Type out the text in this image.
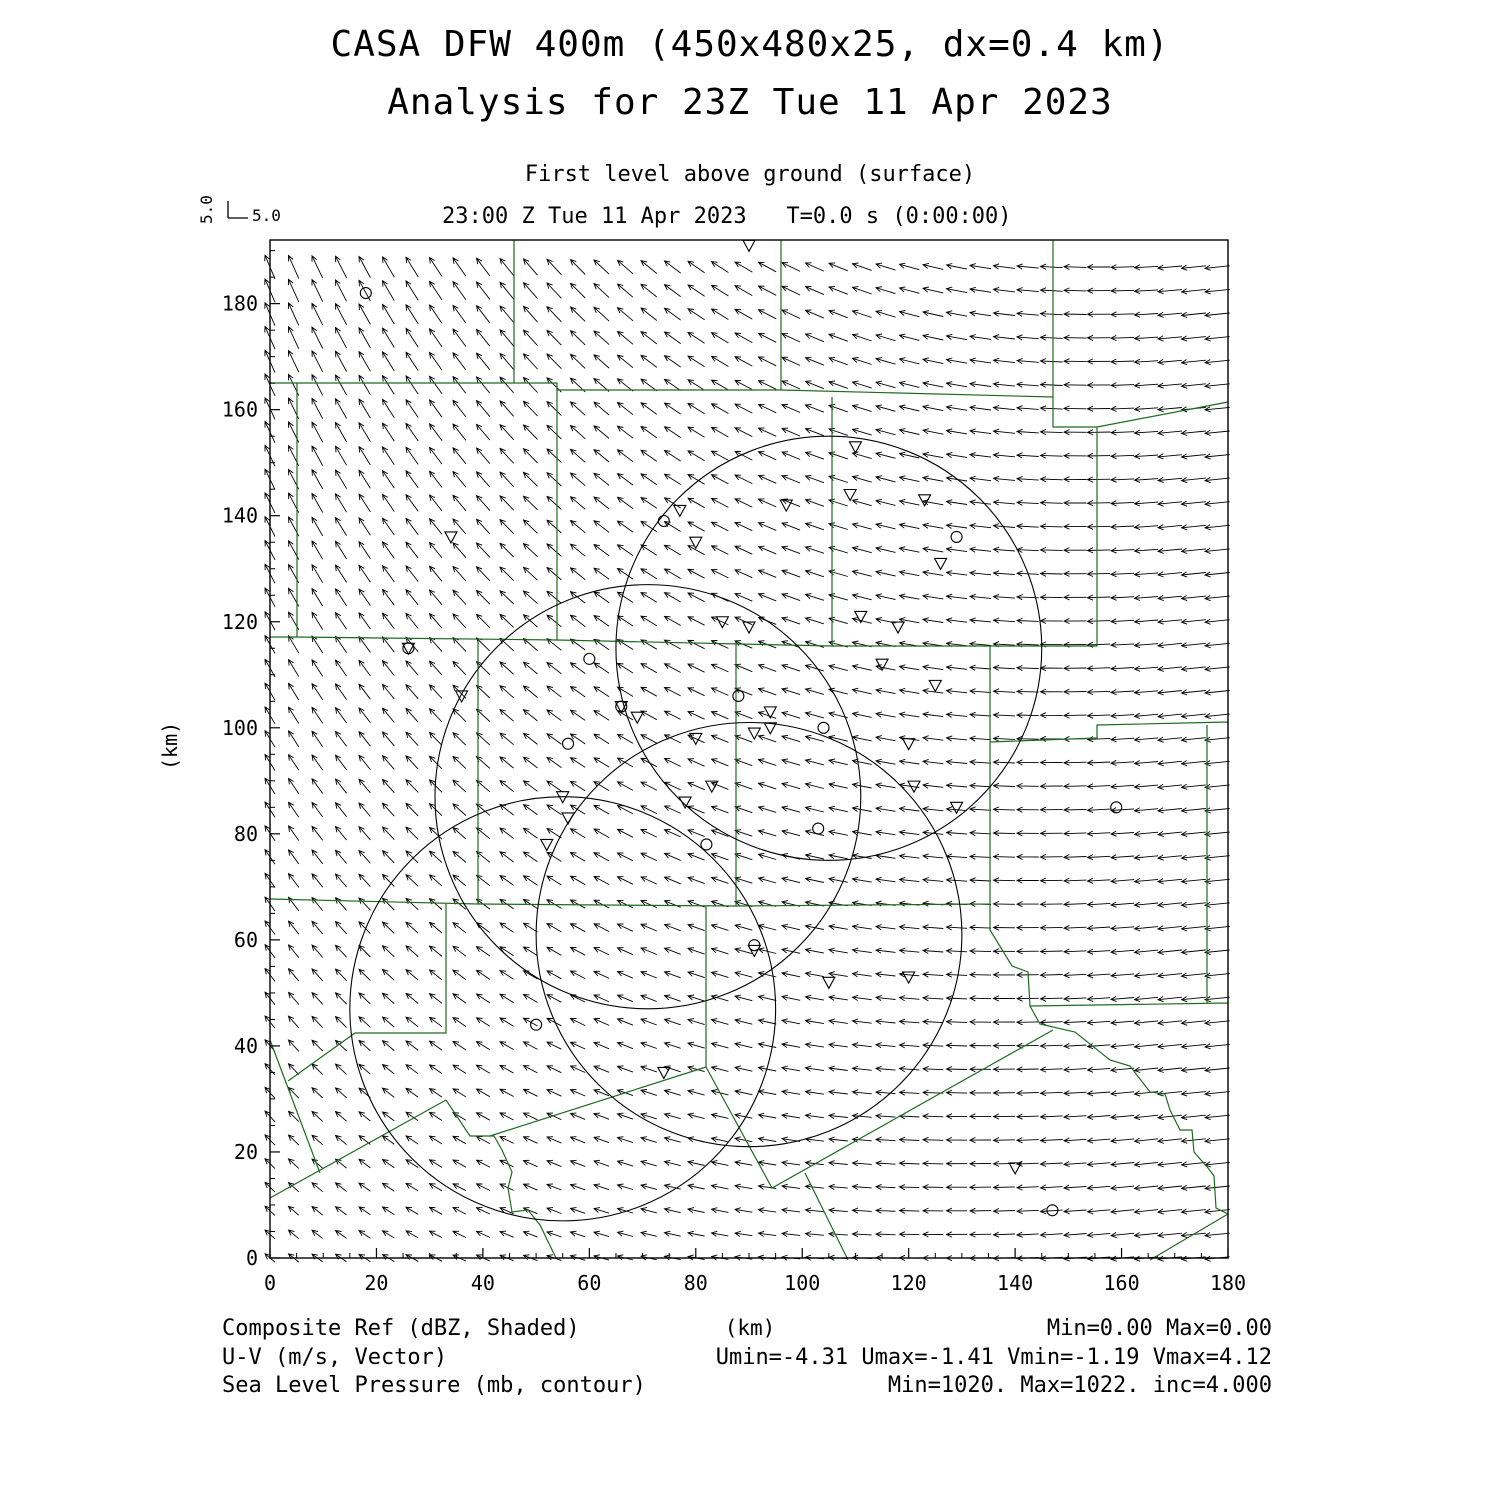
CASA DFW 400m (450x480x25, dx=0.4 km)
Analysis for 23Z Tue 11 Apr 2023
First level above ground (surface)
23:00 Z Tue 11 Apr 2023   T=0.0 s (0:00:00)
5.0
5.0
(km)
(km)
Composite Ref (dBZ, Shaded)	Min=0.00 Max=0.00
U-V (m/s, Vector)	Umin=-4.31 Umax=-1.41 Vmin=-1.19 Vmax=4.12
Sea Level Pressure (mb, contour)	Min=1020. Max=1022. inc=4.000
0	20	40	60	80	100	120	140	160	180
0
20
40
60
80
100
120
140
160
180
